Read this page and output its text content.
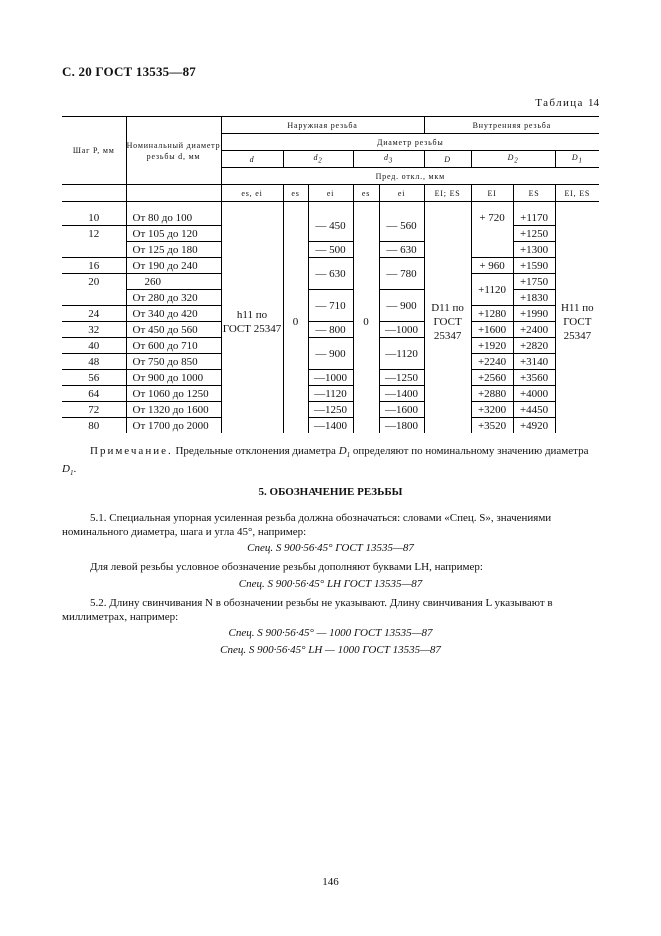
С. 20 ГОСТ 13535—87
Таблица 14
Шаг P, мм	Номинальный диаметр резьбы d, мм	Наружная резьба					Внутренняя резьба			
		Диаметр резьбы								
		d	$d_2$		$d_3$		D	$D_2$		$D_1$
		Пред. откл., мкм								
		es, ei	es	ei	es	ei	EI; ES	EI	ES	EI, ES

10	От 80 до 100	h11 по ГОСТ 25347	0	— 450	0	— 560	D11 по ГОСТ 25347	+ 720	+1170	H11 по ГОСТ 25347
12	От 105 до 120								+1250	
	От 125 до 180			— 500		— 630			+1300	
16	От 190 до 240			— 630		— 780		+ 960	+1590	
20	260							+1120	+1750	
	От 280 до 320			— 710		— 900			+1830	
24	От 340 до 420							+1280	+1990	
32	От 450 до 560			— 800		—1000		+1600	+2400	
40	От 600 до 710			— 900		—1120		+1920	+2820	
48	От 750 до 850							+2240	+3140	
56	От 900 до 1000			—1000		—1250		+2560	+3560	
64	От 1060 до 1250			—1120		—1400		+2880	+4000	
72	От 1320 до 1600			—1250		—1600		+3200	+4450	
80	От 1700 до 2000			—1400		—1800		+3520	+4920	
Примечание. Предельные отклонения диаметра $D_1$ определяют по номинальному значению диаметра $D_1$.
5. ОБОЗНАЧЕНИЕ РЕЗЬБЫ
5.1. Специальная упорная усиленная резьба должна обозначаться: словами «Спец. S», значениями номинального диаметра, шага и угла 45°, например:
Спец. S 900·56·45° ГОСТ 13535—87
Для левой резьбы условное обозначение резьбы дополняют буквами LH, например:
Спец. S 900·56·45° LH ГОСТ 13535—87
5.2. Длину свинчивания N в обозначении резьбы не указывают. Длину свинчивания L указывают в миллиметрах, например:
Спец. S 900·56·45° — 1000 ГОСТ 13535—87
Спец. S 900·56·45° LH — 1000 ГОСТ 13535—87
146
